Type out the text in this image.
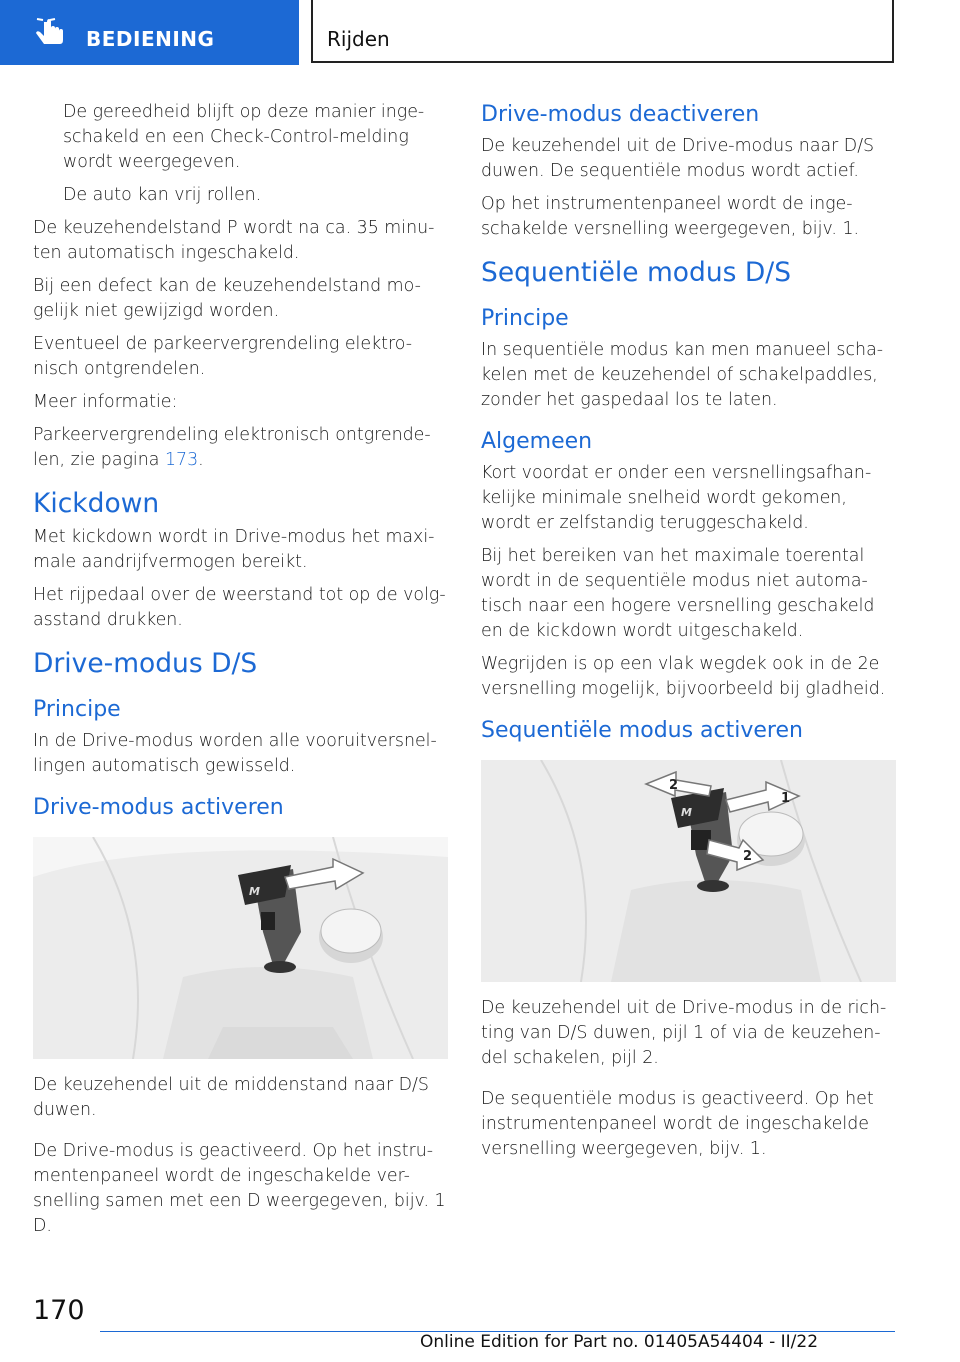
BEDIENING	Rijden

De gereedheid blijft op deze manier inge-schakeld en een Check-Control-melding wordt weergegeven.

De auto kan vrij rollen.

De keuzehendelstand P wordt na ca. 35 minu-ten automatisch ingeschakeld.

Bij een defect kan de keuzehendelstand mo-gelijk niet gewijzigd worden.

Eventueel de parkeervergrendeling elektro-nisch ontgrendelen.

Meer informatie:

Parkeervergrendeling elektronisch ontgrende-len, zie pagina 173.

Kickdown

Met kickdown wordt in Drive-modus het maxi-male aandrijfvermogen bereikt.

Het rijpedaal over de weerstand tot op de volg-asstand drukken.

Drive-modus D/S
Principe

In de Drive-modus worden alle vooruitversnel-lingen automatisch gewisseld.

Drive-modus activeren
M

De keuzehendel uit de middenstand naar D/S duwen.

De Drive-modus is geactiveerd. Op het instru-mentenpaneel wordt de ingeschakelde ver-snelling samen met een D weergegeven, bijv. 1 D.

Drive-modus deactiveren

De keuzehendel uit de Drive-modus naar D/S duwen. De sequentiële modus wordt actief.

Op het instrumentenpaneel wordt de inge-schakelde versnelling weergegeven, bijv. 1.

Sequentiële modus D/S
Principe

In sequentiële modus kan men manueel scha-kelen met de keuzehendel of schakelpaddles, zonder het gaspedaal los te laten.

Algemeen

Kort voordat er onder een versnellingsafhan-kelijke minimale snelheid wordt gekomen, wordt er zelfstandig teruggeschakeld.

Bij het bereiken van het maximale toerental wordt in de sequentiële modus niet automa-tisch naar een hogere versnelling geschakeld en de kickdown wordt uitgeschakeld.

Wegrijden is op een vlak wegdek ook in de 2e versnelling mogelijk, bijvoorbeeld bij gladheid.

Sequentiële modus activeren
M
1
2
2

De keuzehendel uit de Drive-modus in de rich-ting van D/S duwen, pijl 1 of via de keuzehen-del schakelen, pijl 2.

De sequentiële modus is geactiveerd. Op het instrumentenpaneel wordt de ingeschakelde versnelling weergegeven, bijv. 1.

170
Online Edition for Part no. 01405A54404 - II/22
